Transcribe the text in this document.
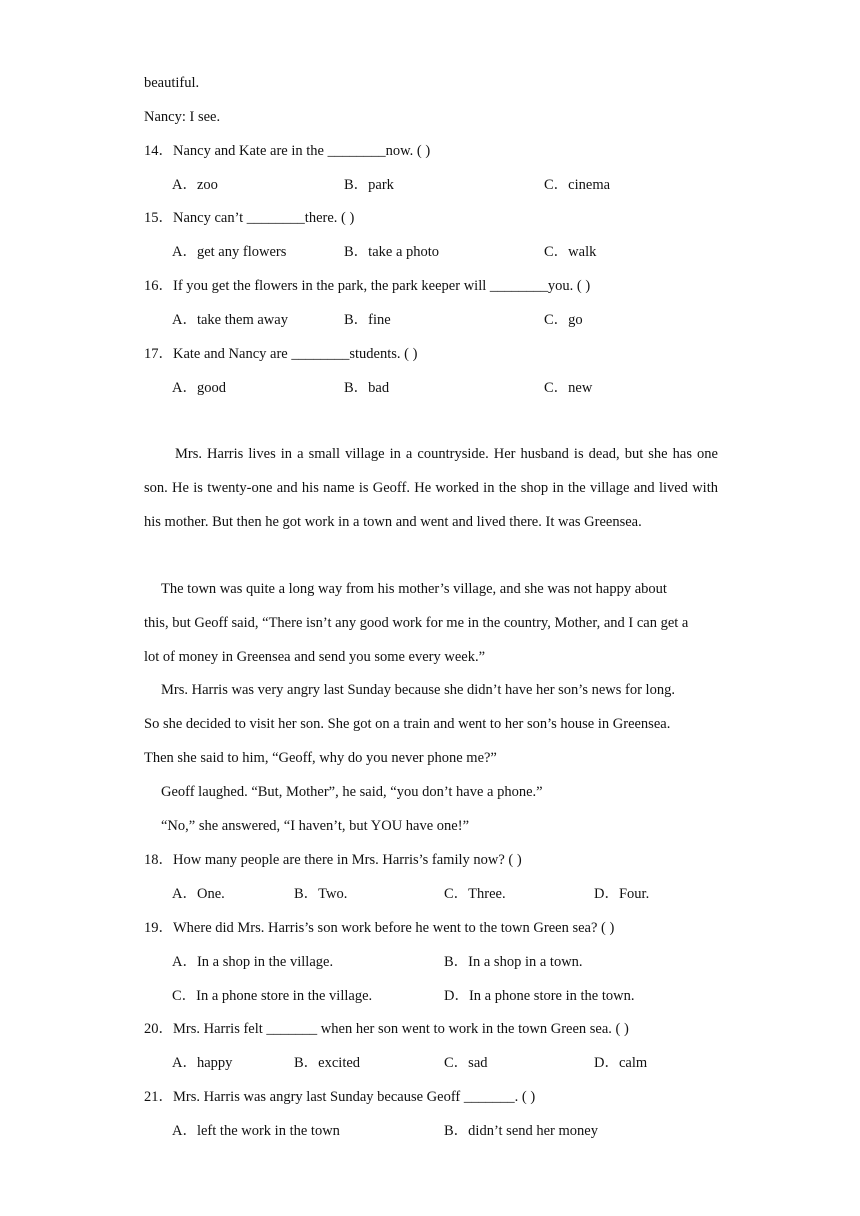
beautiful.
Nancy: I see.
14．Nancy and Kate are in the ________now. ( )
A．zoo	B．park	C．cinema
15．Nancy can’t ________there. ( )
A．get any flowers	B．take a photo	C．walk
16．If you get the flowers in the park, the park keeper will ________you. ( )
A．take them away	B．fine	C．go
17．Kate and Nancy are ________students. ( )
A．good	B．bad	C．new

Mrs. Harris lives in a small village in a countryside. Her husband is dead, but she has one son. He is twenty-one and his name is Geoff. He worked in the shop in the village and lived with his mother. But then he got work in a town and went and lived there. It was Greensea.

The town was quite a long way from his mother’s village, and she was not happy about

this, but Geoff said, “There isn’t any good work for me in the country, Mother, and I can get a

lot of money in Greensea and send you some every week.”

Mrs. Harris was very angry last Sunday because she didn’t have her son’s news for long.

So she decided to visit her son. She got on a train and went to her son’s house in Greensea.

Then she said to him, “Geoff, why do you never phone me?”

Geoff laughed. “But, Mother”, he said, “you don’t have a phone.”

“No,” she answered, “I haven’t, but YOU have one!”

18．How many people are there in Mrs. Harris’s family now? ( )
A．One.	B．Two.	C．Three.	D．Four.
19．Where did Mrs. Harris’s son work before he went to the town Green sea? ( )
A．In a shop in the village.	B．In a shop in a town.
C．In a phone store in the village.	D．In a phone store in the town.
20．Mrs. Harris felt _______ when her son went to work in the town Green sea. ( )
A．happy	B．excited	C．sad	D．calm
21．Mrs. Harris was angry last Sunday because Geoff _______. ( )
A．left the work in the town	B．didn’t send her money
